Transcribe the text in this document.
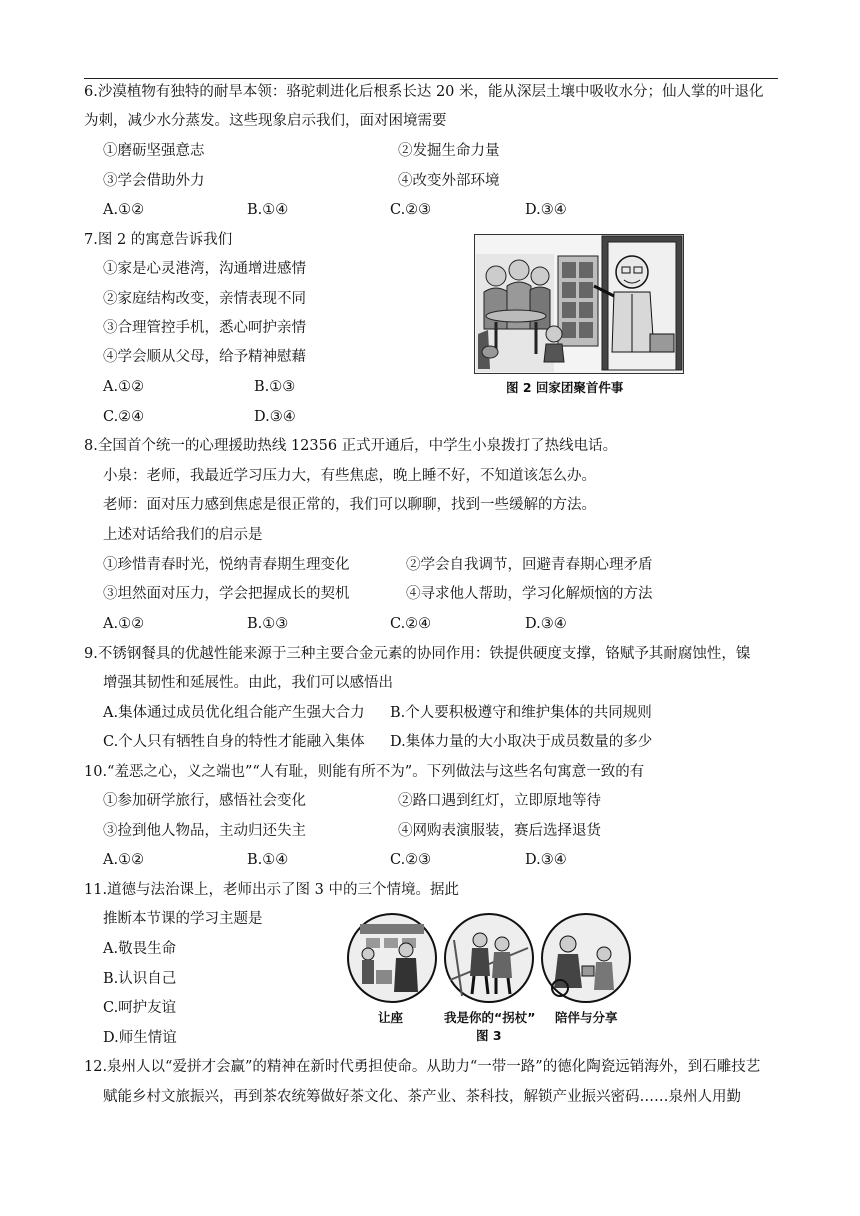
6.沙漠植物有独特的耐旱本领：骆驼刺进化后根系长达 20 米，能从深层土壤中吸收水分；仙人掌的叶退化
为刺，减少水分蒸发。这些现象启示我们，面对困境需要
①磨砺坚强意志	②发掘生命力量
③学会借助外力	④改变外部环境
A.①②	B.①④	C.②③	D.③④
7.图 2 的寓意告诉我们
①家是心灵港湾，沟通增进感情
②家庭结构改变，亲情表现不同
③合理管控手机，悉心呵护亲情
④学会顺从父母，给予精神慰藉
A.①②	B.①③
C.②④	D.③④
图 2 回家团聚首件事
8.全国首个统一的心理援助热线 12356 正式开通后，中学生小泉拨打了热线电话。
小泉：老师，我最近学习压力大，有些焦虑，晚上睡不好，不知道该怎么办。
老师：面对压力感到焦虑是很正常的，我们可以聊聊，找到一些缓解的方法。
上述对话给我们的启示是
①珍惜青春时光，悦纳青春期生理变化	②学会自我调节，回避青春期心理矛盾
③坦然面对压力，学会把握成长的契机	④寻求他人帮助，学习化解烦恼的方法
A.①②	B.①③	C.②④	D.③④
9.不锈钢餐具的优越性能来源于三种主要合金元素的协同作用：铁提供硬度支撑，铬赋予其耐腐蚀性，镍
增强其韧性和延展性。由此，我们可以感悟出
A.集体通过成员优化组合能产生强大合力 B.个人要积极遵守和维护集体的共同规则
C.个人只有牺牲自身的特性才能融入集体 D.集体力量的大小取决于成员数量的多少
10.“羞恶之心，义之端也”“人有耻，则能有所不为”。下列做法与这些名句寓意一致的有
①参加研学旅行，感悟社会变化	②路口遇到红灯，立即原地等待
③捡到他人物品，主动归还失主	④网购表演服装，赛后选择退货
A.①②	B.①④	C.②③	D.③④
11.道德与法治课上，老师出示了图 3 中的三个情境。据此
推断本节课的学习主题是
A.敬畏生命
B.认识自己
C.呵护友谊
D.师生情谊
让座	我是你的“拐杖” 陪伴与分享
图 3
12.泉州人以“爱拼才会赢”的精神在新时代勇担使命。从助力“一带一路”的德化陶瓷远销海外，到石雕技艺
赋能乡村文旅振兴，再到茶农统筹做好茶文化、茶产业、茶科技，解锁产业振兴密码……泉州人用勤
